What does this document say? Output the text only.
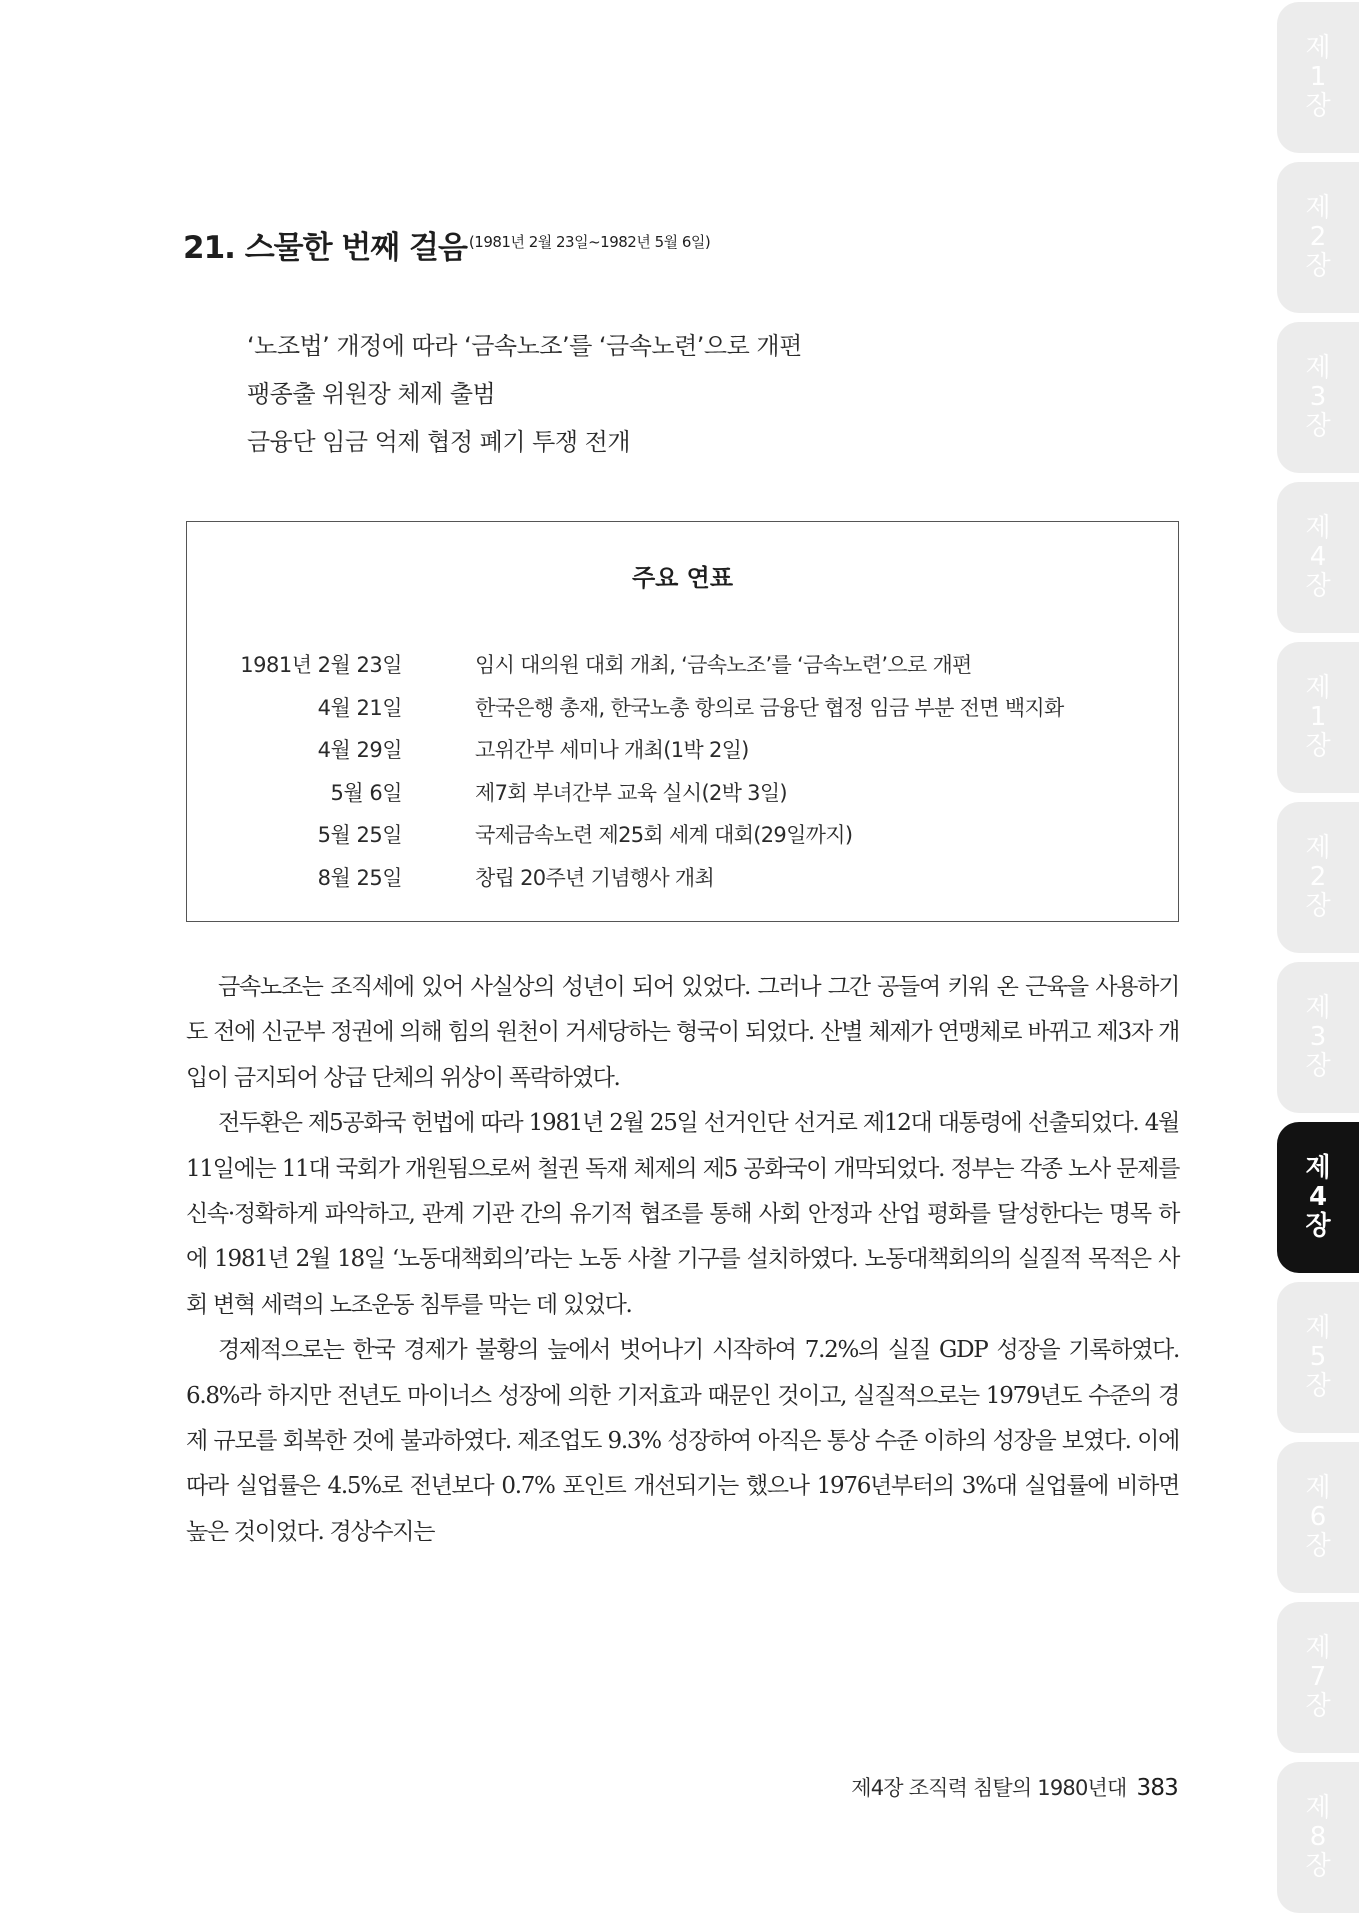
21. 스물한 번째 걸음 $^{(1981년 2월 23일\sim 1982년 5월 6일)}$
‘노조법’ 개정에 따라 ‘금속노조’를 ‘금속노련’으로 개편
팽종출 위원장 체제 출범
금융단 임금 억제 협정 폐기 투쟁 전개
주요 연표
1981년 2월 23일	임시 대의원 대회 개최, ‘금속노조’를 ‘금속노련’으로 개편
4월 21일	한국은행 총재, 한국노총 항의로 금융단 협정 임금 부분 전면 백지화
4월 29일	고위간부 세미나 개최(1박 2일)
5월 6일	제7회 부녀간부 교육 실시(2박 3일)
5월 25일	국제금속노련 제25회 세계 대회(29일까지)
8월 25일	창립 20주년 기념행사 개최

금속노조는 조직세에 있어 사실상의 성년이 되어 있었다. 그러나 그간 공들여 키워 온 근육을 사용하기도 전에 신군부 정권에 의해 힘의 원천이 거세당하는 형국이 되었다. 산별 체제가 연맹체로 바뀌고 제3자 개입이 금지되어 상급 단체의 위상이 폭락하였다.

전두환은 제5공화국 헌법에 따라 1981년 2월 25일 선거인단 선거로 제12대 대통령에 선출되었다. 4월 11일에는 11대 국회가 개원됨으로써 철권 독재 체제의 제5 공화국이 개막되었다. 정부는 각종 노사 문제를 신속·정확하게 파악하고, 관계 기관 간의 유기적 협조를 통해 사회 안정과 산업 평화를 달성한다는 명목 하에 1981년 2월 18일 ‘노동대책회의’라는 노동 사찰 기구를 설치하였다. 노동대책회의의 실질적 목적은 사회 변혁 세력의 노조운동 침투를 막는 데 있었다.

경제적으로는 한국 경제가 불황의 늪에서 벗어나기 시작하여 7.2%의 실질 GDP 성장을 기록하였다. 6.8%라 하지만 전년도 마이너스 성장에 의한 기저효과 때문인 것이고, 실질적으로는 1979년도 수준의 경제 규모를 회복한 것에 불과하였다. 제조업도 9.3% 성장하여 아직은 통상 수준 이하의 성장을 보였다. 이에 따라 실업률은 4.5%로 전년보다 0.7% 포인트 개선되기는 했으나 1976년부터의 3%대 실업률에 비하면 높은 것이었다. 경상수지는

제
1
장
제
2
장
제
3
장
제
4
장
제
1
장
제
2
장
제
3
장
제
4
장
제
5
장
제
6
장
제
7
장
제
8
장
제4장 조직력 침탈의 1980년대 383
